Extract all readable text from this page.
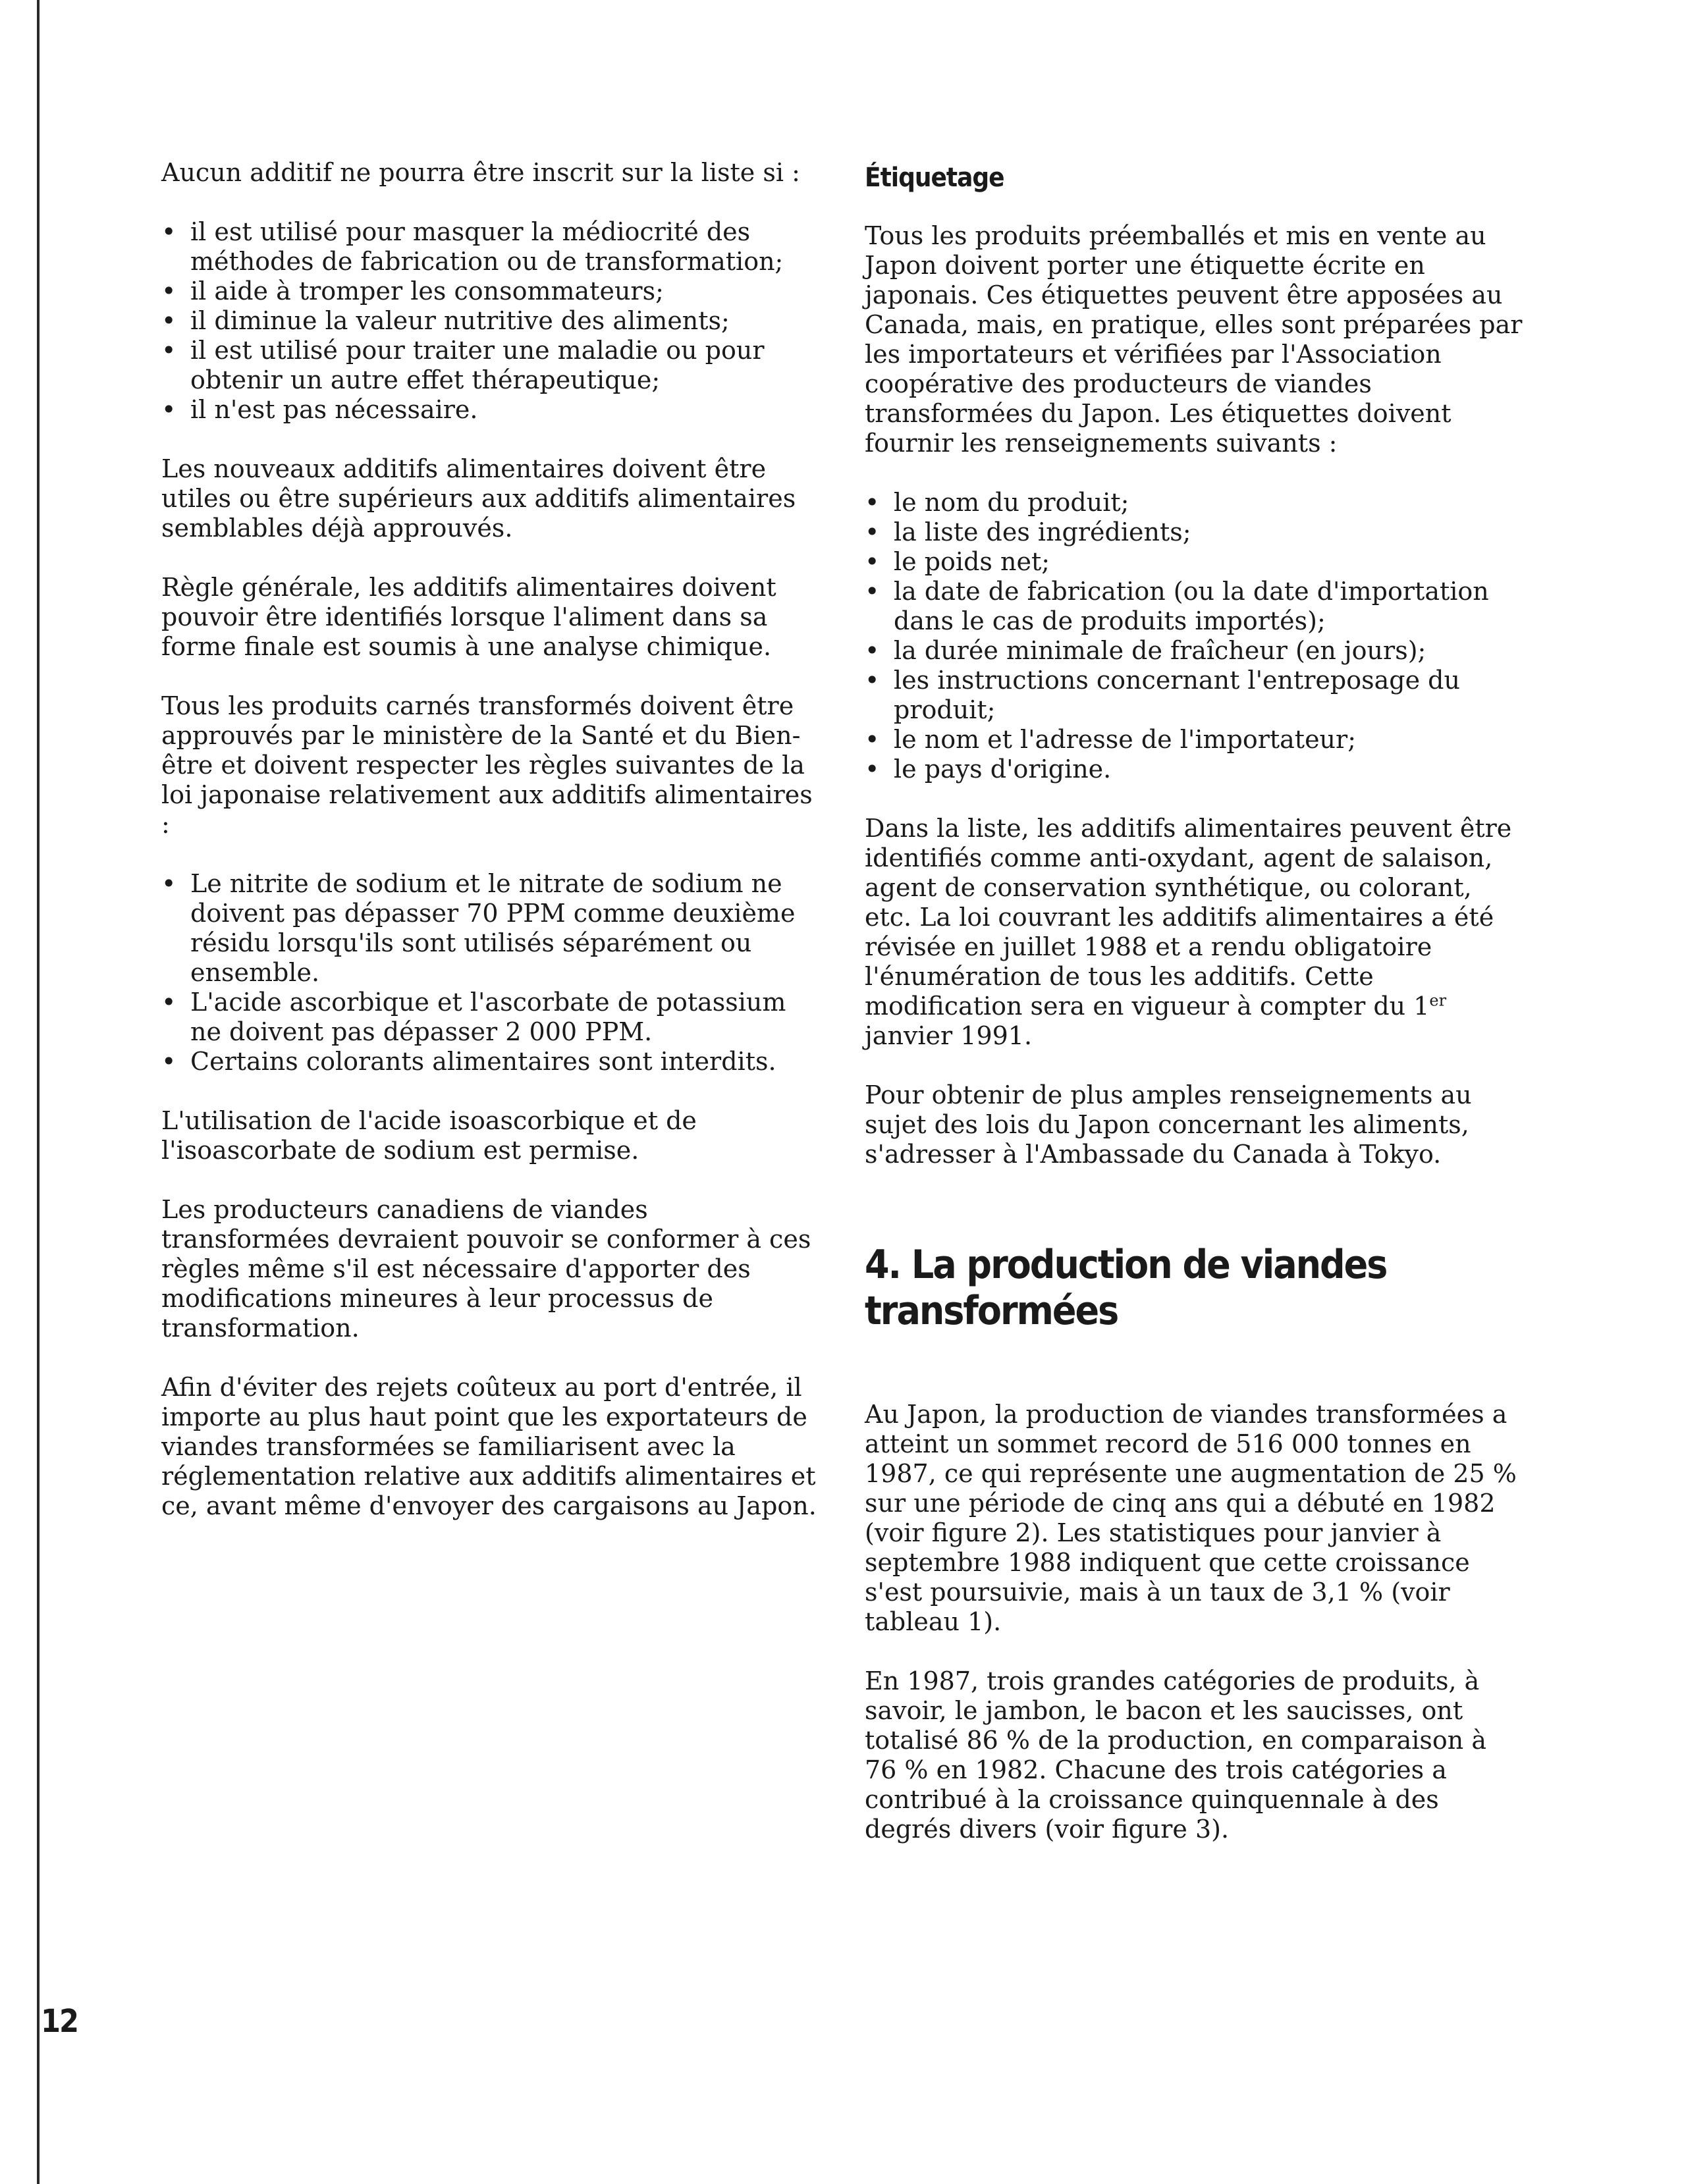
Aucun additif ne pourra être inscrit sur la liste si :

• il est utilisé pour masquer la médiocrité des méthodes de fabrication ou de transformation;
• il aide à tromper les consommateurs;
• il diminue la valeur nutritive des aliments;
• il est utilisé pour traiter une maladie ou pour obtenir un autre effet thérapeutique;
• il n'est pas nécessaire.

Les nouveaux additifs alimentaires doivent être utiles ou être supérieurs aux additifs alimentaires semblables déjà approuvés.

Règle générale, les additifs alimentaires doivent pouvoir être identifiés lorsque l'aliment dans sa forme finale est soumis à une analyse chimique.

Tous les produits carnés transformés doivent être approuvés par le ministère de la Santé et du Bien-être et doivent respecter les règles suivantes de la loi japonaise relativement aux additifs alimentaires :

• Le nitrite de sodium et le nitrate de sodium ne doivent pas dépasser 70 PPM comme deuxième résidu lorsqu'ils sont utilisés séparément ou ensemble.
• L'acide ascorbique et l'ascorbate de potassium ne doivent pas dépasser 2 000 PPM.
• Certains colorants alimentaires sont interdits.

L'utilisation de l'acide isoascorbique et de l'isoascorbate de sodium est permise.

Les producteurs canadiens de viandes transformées devraient pouvoir se conformer à ces règles même s'il est nécessaire d'apporter des modifications mineures à leur processus de transformation.

Afin d'éviter des rejets coûteux au port d'entrée, il importe au plus haut point que les exportateurs de viandes transformées se familiarisent avec la réglementation relative aux additifs alimentaires et ce, avant même d'envoyer des cargaisons au Japon.

Étiquetage

Tous les produits préemballés et mis en vente au Japon doivent porter une étiquette écrite en japonais. Ces étiquettes peuvent être apposées au Canada, mais, en pratique, elles sont préparées par les importateurs et vérifiées par l'Association coopérative des producteurs de viandes transformées du Japon. Les étiquettes doivent fournir les renseignements suivants :

• le nom du produit;
• la liste des ingrédients;
• le poids net;
• la date de fabrication (ou la date d'importation dans le cas de produits importés);
• la durée minimale de fraîcheur (en jours);
• les instructions concernant l'entreposage du produit;
• le nom et l'adresse de l'importateur;
• le pays d'origine.

Dans la liste, les additifs alimentaires peuvent être identifiés comme anti-oxydant, agent de salaison, agent de conservation synthétique, ou colorant, etc. La loi couvrant les additifs alimentaires a été révisée en juillet 1988 et a rendu obligatoire l'énumération de tous les additifs. Cette modification sera en vigueur à compter du 1er janvier 1991.

Pour obtenir de plus amples renseignements au sujet des lois du Japon concernant les aliments, s'adresser à l'Ambassade du Canada à Tokyo.

4. La production de viandes transformées

Au Japon, la production de viandes transformées a atteint un sommet record de 516 000 tonnes en 1987, ce qui représente une augmentation de 25 % sur une période de cinq ans qui a débuté en 1982 (voir figure 2). Les statistiques pour janvier à septembre 1988 indiquent que cette croissance s'est poursuivie, mais à un taux de 3,1 % (voir tableau 1).

En 1987, trois grandes catégories de produits, à savoir, le jambon, le bacon et les saucisses, ont totalisé 86 % de la production, en comparaison à 76 % en 1982. Chacune des trois catégories a contribué à la croissance quinquennale à des degrés divers (voir figure 3).

12
